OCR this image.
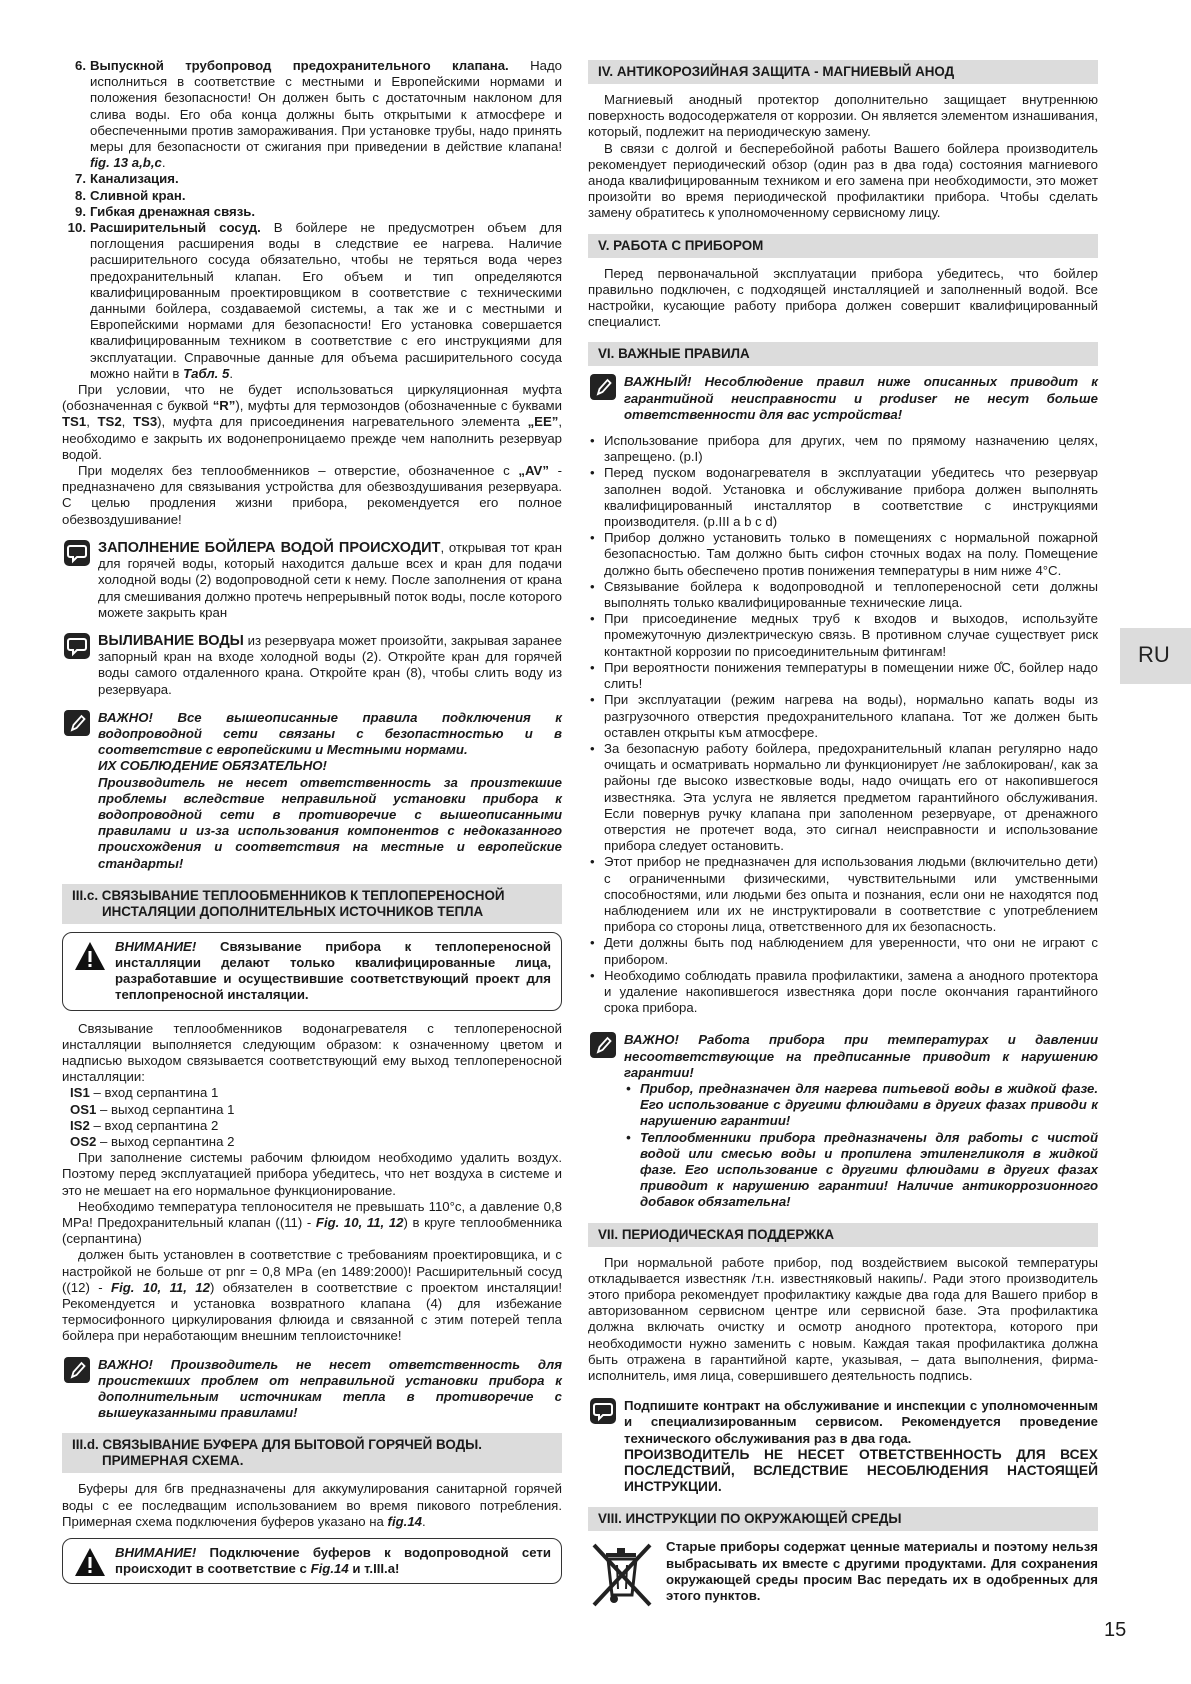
6. Выпускной трубопровод предохранительного клапана. Надо исполниться в соответствие с местными и Европейскими нормами и положения безопасности! Он должен быть с достаточным наклоном для слива воды. Его оба конца должны быть открытыми к атмосфере и обеспеченными против замораживания. При установке трубы, надо принять меры для безопасности от сжигания при приведении в действие клапана! fig. 13 a,b,c.
7. Канализация.
8. Сливной кран.
9. Гибкая дренажная связь.
10. Расширительный сосуд. В бойлере не предусмотрен объем для поглощения расширения воды в следствие ее нагрева. Наличие расширительного сосуда обязательно, чтобы не теряться вода через предохранительный клапан. Его объем и тип определяются квалифицированным проектировщиком в соответствие с техническими данными бойлера, создаваемой системы, а так же и с местными и Европейскими нормами для безопасности! Его установка совершается квалифицированным техником в соответствие с его инструкциями для эксплуатации. Справочные данные для объема расширительного сосуда можно найти в Табл. 5.

При условии, что не будет использоваться циркуляционная муфта (обозначенная с буквой “R”), муфты для термозондов (обозначенные с буквами TS1, TS2, TS3), муфта для присоединения нагревательного элемента „EE”, необходимо е закрыть их водонепроницаемо прежде чем наполнить резервуар водой.

При моделях без теплообменников – отверстие, обозначенное с „AV” - предназначено для связывания устройства для обезвоздушивания резервуара. С целью продления жизни прибора, рекомендуется его полное обезвоздушивание!

ЗАПОЛНЕНИЕ БОЙЛЕРА ВОДОЙ ПРОИСХОДИТ, открывая тот кран для горячей воды, который находится дальше всех и кран для подачи холодной воды (2) водопроводной сети к нему. После заполнения от крана для смешивания должно протечь непрерывный поток воды, после которого можете закрыть кран
ВЫЛИВАНИЕ ВОДЫ из резервуара может произойти, закрывая заранее запорный кран на входе холодной воды (2). Откройте кран для горячей воды самого отдаленного крана. Откройте кран (8), чтобы слить воду из резервуара.
ВАЖНО! Все вышеописанные правила подключения к водопроводной сети связаны с безопастностью и в соответствие с европейскими и Местными нормами.
ИХ СОБЛЮДЕНИЕ ОБЯЗАТЕЛЬНО!
Производитель не несет ответственность за произтекшие проблемы вследствие неправильной установки прибора к водопроводной сети в противоречие с вышеописанными правилами и из-за использования компонентов с недоказанного происхождения и соответствия на местные и европейские стандарты!
III.c. СВЯЗЫВАНИЕ ТЕПЛООБМЕННИКОВ К ТЕПЛОПЕРЕНОСНОЙ
ИНСТАЛЯЦИИ ДОПОЛНИТЕЛЬНЫХ ИСТОЧНИКОВ ТЕПЛА
ВНИМАНИЕ! Связывание прибора к теплопереносной инсталляции делают только квалифицированные лица, разработавшие и осуществившие соответствующий проект для теплопреносной инсталяции.

Связывание теплообменников водонагревателя с теплопереносной инсталляции выполняется следующим образом: к означенному цветом и надписью выходом связывается соответствующий ему выход теплопереносной инсталляции:

IS1 – вход серпантина 1
OS1 – выход серпантина 1
IS2 – вход серпантина 2
OS2 – выход серпантина 2

При заполнение системы рабочим флюидом необходимо удалить воздух. Поэтому перед эксплуатацией прибора убедитесь, что нет воздуха в системе и это не мешает на его нормальное функционирование.

Необходимо температура теплоносителя не превышать 110°c, а давление 0,8 MPa! Предохранительный клапан ((11) - Fig. 10, 11, 12) в круге теплообменника (серпантина)

должен быть установлен в соответствие с требованиям проектировщика, и с настройкой не больше от pnr = 0,8 MPa (en 1489:2000)! Расширительный сосуд ((12) - Fig. 10, 11, 12) обязателен в соответствие с проектом инсталяции! Рекомендуется и установка возвратного клапана (4) для избежание термосифонного циркулирования флюида и связанной с этим потерей тепла бойлера при неработающим внешним теплоисточнике!

ВАЖНО! Производитель не несет ответственность для проистекших проблем от неправильной установки прибора к дополнительным источникам тепла в противоречие с вышеуказанными правилами!
III.d. СВЯЗЫВАНИЕ БУФЕРА ДЛЯ БЫТОВОЙ ГОРЯЧЕЙ ВОДЫ.
ПРИМЕРНАЯ СХЕМА.

Буферы для бгв предназначены для аккумулирования санитарной горячей воды с ее последващим использованием во время пикового потребления. Примерная схема подключения буферов указано на fig.14.

ВНИМАНИЕ! Подключение буферов к водопроводной сети происходит в соответствие с Fig.14 и т.III.a!
IV. АНТИКОРОЗИЙНАЯ ЗАЩИТА - МАГНИЕВЫЙ АНОД

Магниевый анодный протектор дополнительно защищает внутреннюю поверхность водосодержателя от коррозии. Он является элементом изнашивания, который, подлежит на периодическую замену.

В связи с долгой и бесперебойной работы Вашего бойлера производитель рекомендует периодический обзор (один раз в два года) состояния магниевого анода квалифицированным техником и его замена при необходимости, это может произойти во время периодической профилактики прибора. Чтобы сделать замену обратитесь к уполномоченному сервисному лицу.

V. РАБОТА С ПРИБОРОМ

Перед первоначальной эксплуатации прибора убедитесь, что бойлер правильно подключен, с подходящей инсталляцией и заполненный водой. Все настройки, кусающие работу прибора должен совершит квалифицированный специалист.

VI. ВАЖНЫЕ ПРАВИЛА
ВАЖНЫЙ! Несоблюдение правил ниже описанных приводит к гарантийной неисправности и produser не несут больше ответственности для вас устройства!
• Использование прибора для других, чем по прямому назначению целях, запрещено. (p.I)
• Перед пуском водонагревателя в эксплуатации убедитесь что резервуар заполнен водой. Установка и обслуживание прибора должен выполнять квалифицированный инсталлятор в соответствие с инструкциями производителя. (p.III a b c d)
• Прибор должно установить только в помещениях с нормальной пожарной безопасностью. Там должно быть сифон сточных водах на полу. Помещение должно быть обеспечено против понижения температуры в ним ниже 4°C.
• Связывание бойлера к водопроводной и теплопереносной сети должны выполнять только квалифицированные технические лица.
• При присоединение медных труб к входов и выходов, используйте промежуточную диэлектрическую связь. В противном случае существует риск контактной коррозии по присоединительным фитингам!
• При вероятности понижения температуры в помещении ниже 0̊C, бойлер надо слить!
• При эксплуатации (режим нагрева на воды), нормально капать воды из разгрузочного отверстия предохранительного клапана. Тот же должен быть оставлен открыты към атмосфере.
• За безопасную работу бойлера, предохранительный клапан регулярно надо очищать и осматривать нормально ли функционирует /не заблокирован/, как за районы где высоко известковые воды, надо очищать его от накопившегося известняка. Эта услуга не является предметом гарантийного обслуживания. Если повернув ручку клапана при заполенном резервуаре, от дренажного отверстия не протечет вода, это сигнал неисправности и использование прибора следует остановить.
• Этот прибор не предназначен для использования людьми (включительно дети) с ограниченными физическими, чувствительными или умственными способностями, или людьми без опыта и познания, если они не находятся под наблюдением или их не инструктировали в соответствие с употреблением прибора со стороны лица, ответственного для их безопасность.
• Дети должны быть под наблюдением для уверенности, что они не играют с прибором.
• Необходимо соблюдать правила профилактики, замена а анодного протектора и удаление накопившегося известняка дори после окончания гарантийного срока прибора.
ВАЖНО! Работа прибора при температурах и давлении несоответствующие на предписанные приводит к нарушению гарантии!
• Прибор, предназначен для нагрева питьевой воды в жидкой фазе. Его использование с другими флюидами в других фазах приводи к нарушению гарантии!
• Теплообменники прибора предназначены для работы с чистой водой или смесью воды и пропилена этиленгликоля в жидкой фазе. Его использование с другими флюидами в других фазах приводит к нарушению гарантии! Наличие антикоррозионного добавок обязательна!
VII. ПЕРИОДИЧЕСКАЯ ПОДДЕРЖКА

При нормальной работе прибор, под воздействием высокой температуры откладывается известняк /т.н. известняковый накипь/. Ради этого производитель этого прибора рекомендует профилактику каждые два года для Вашего прибор в авторизованном сервисном центре или сервисной базе. Эта профилактика должна включать очистку и осмотр анодного протектора, которого при необходимости нужно заменить с новым. Каждая такая профилактика должна быть отражена в гарантийной карте, указывая, – дата выполнения, фирма-исполнитель, имя лица, совершившего деятельность подпись.

Подпишите контракт на обслуживание и инспекции с уполномоченным и специализированным сервисом. Рекомендуется проведение технического обслуживания раз в два года.
ПРОИЗВОДИТЕЛЬ НЕ НЕСЕТ ОТВЕТСТВЕННОСТЬ ДЛЯ ВСЕХ ПОСЛЕДСТВИЙ, ВСЛЕДСТВИЕ НЕСОБЛЮДЕНИЯ НАСТОЯЩЕЙ ИНСТРУКЦИИ.
VIII. ИНСТРУКЦИИ ПО ОКРУЖАЮЩЕЙ СРЕДЫ
Старые приборы содержат ценные материалы и поэтому нельзя выбрасывать их вместе с другими продуктами. Для сохранения окружающей среды просим Вас передать их в одобренных для этого пунктов.
RU
15
